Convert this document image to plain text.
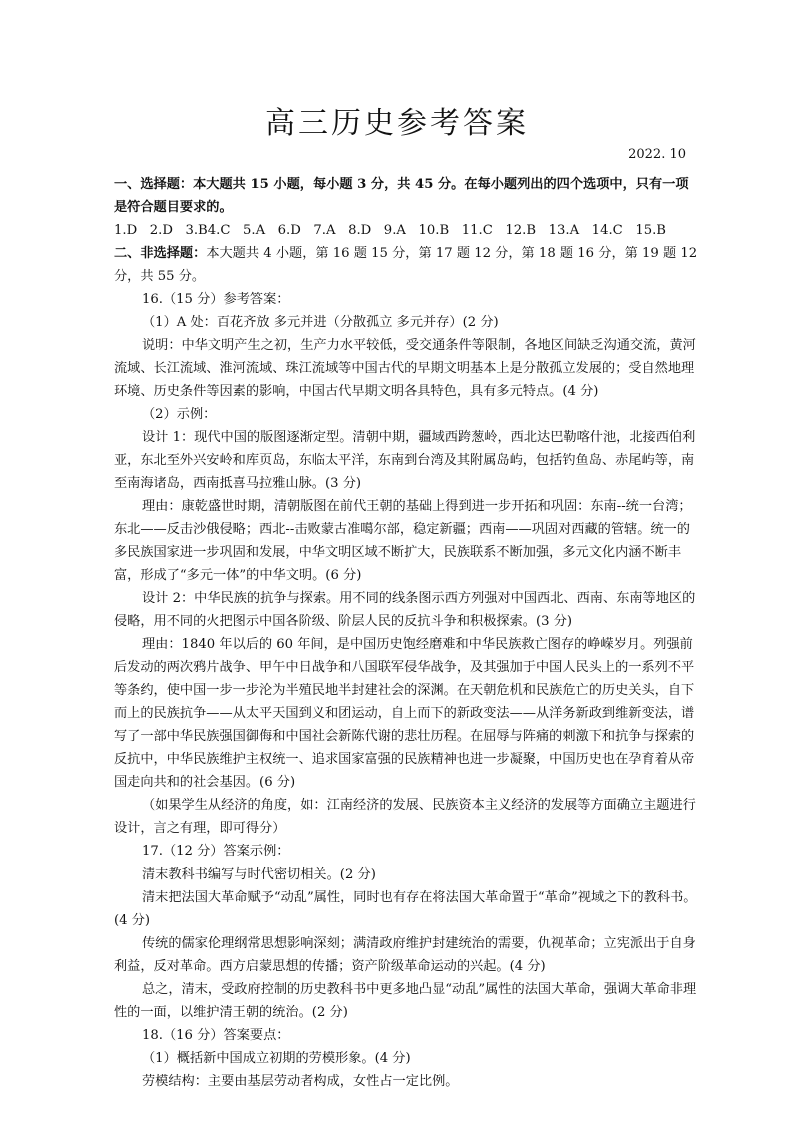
高三历史参考答案

2022. 10

一、选择题：本大题共 15 小题，每小题 3 分，共 45 分。在每小题列出的四个选项中，只有一项是符合题目要求的。

1.D   2.D   3.B4.C   5.A   6.D   7.A   8.D   9.A   10.B   11.C   12.B   13.A   14.C   15.B

二、非选择题：本大题共 4 小题，第 16 题 15 分，第 17 题 12 分，第 18 题 16 分，第 19 题 12 分，共 55 分。

16.（15 分）参考答案：

（1）A 处：百花齐放 多元并进（分散孤立 多元并存）(2 分)

说明：中华文明产生之初，生产力水平较低，受交通条件等限制，各地区间缺乏沟通交流，黄河流域、长江流域、淮河流域、珠江流域等中国古代的早期文明基本上是分散孤立发展的；受自然地理环境、历史条件等因素的影响，中国古代早期文明各具特色，具有多元特点。(4 分)

（2）示例：

设计 1：现代中国的版图逐渐定型。清朝中期，疆域西跨葱岭，西北达巴勒喀什池，北接西伯利亚，东北至外兴安岭和库页岛，东临太平洋，东南到台湾及其附属岛屿，包括钓鱼岛、赤尾屿等，南至南海诸岛，西南抵喜马拉雅山脉。(3 分)

理由：康乾盛世时期，清朝版图在前代王朝的基础上得到进一步开拓和巩固：东南--统一台湾；东北——反击沙俄侵略；西北--击败蒙古准噶尔部，稳定新疆；西南——巩固对西藏的管辖。统一的多民族国家进一步巩固和发展，中华文明区域不断扩大，民族联系不断加强，多元文化内涵不断丰富，形成了“多元一体”的中华文明。(6 分)

设计 2：中华民族的抗争与探索。用不同的线条图示西方列强对中国西北、西南、东南等地区的侵略，用不同的火把图示中国各阶级、阶层人民的反抗斗争和积极探索。(3 分)

理由：1840 年以后的 60 年间，是中国历史饱经磨难和中华民族救亡图存的峥嵘岁月。列强前后发动的两次鸦片战争、甲午中日战争和八国联军侵华战争，及其强加于中国人民头上的一系列不平等条约，使中国一步一步沦为半殖民地半封建社会的深渊。在天朝危机和民族危亡的历史关头，自下而上的民族抗争——从太平天国到义和团运动，自上而下的新政变法——从洋务新政到维新变法，谱写了一部中华民族强国御侮和中国社会新陈代谢的悲壮历程。在屈辱与阵痛的刺激下和抗争与探索的反抗中，中华民族维护主权统一、追求国家富强的民族精神也进一步凝聚，中国历史也在孕育着从帝国走向共和的社会基因。(6 分)

（如果学生从经济的角度，如：江南经济的发展、民族资本主义经济的发展等方面确立主题进行设计，言之有理，即可得分）

17.（12 分）答案示例：

清末教科书编写与时代密切相关。(2 分)

清末把法国大革命赋予“动乱”属性，同时也有存在将法国大革命置于“革命”视域之下的教科书。(4 分)

传统的儒家伦理纲常思想影响深刻；满清政府维护封建统治的需要，仇视革命；立宪派出于自身利益，反对革命。西方启蒙思想的传播；资产阶级革命运动的兴起。(4 分)

总之，清末，受政府控制的历史教科书中更多地凸显“动乱”属性的法国大革命，强调大革命非理性的一面，以维护清王朝的统治。(2 分)

18.（16 分）答案要点：

（1）概括新中国成立初期的劳模形象。(4 分)

劳模结构：主要由基层劳动者构成，女性占一定比例。
